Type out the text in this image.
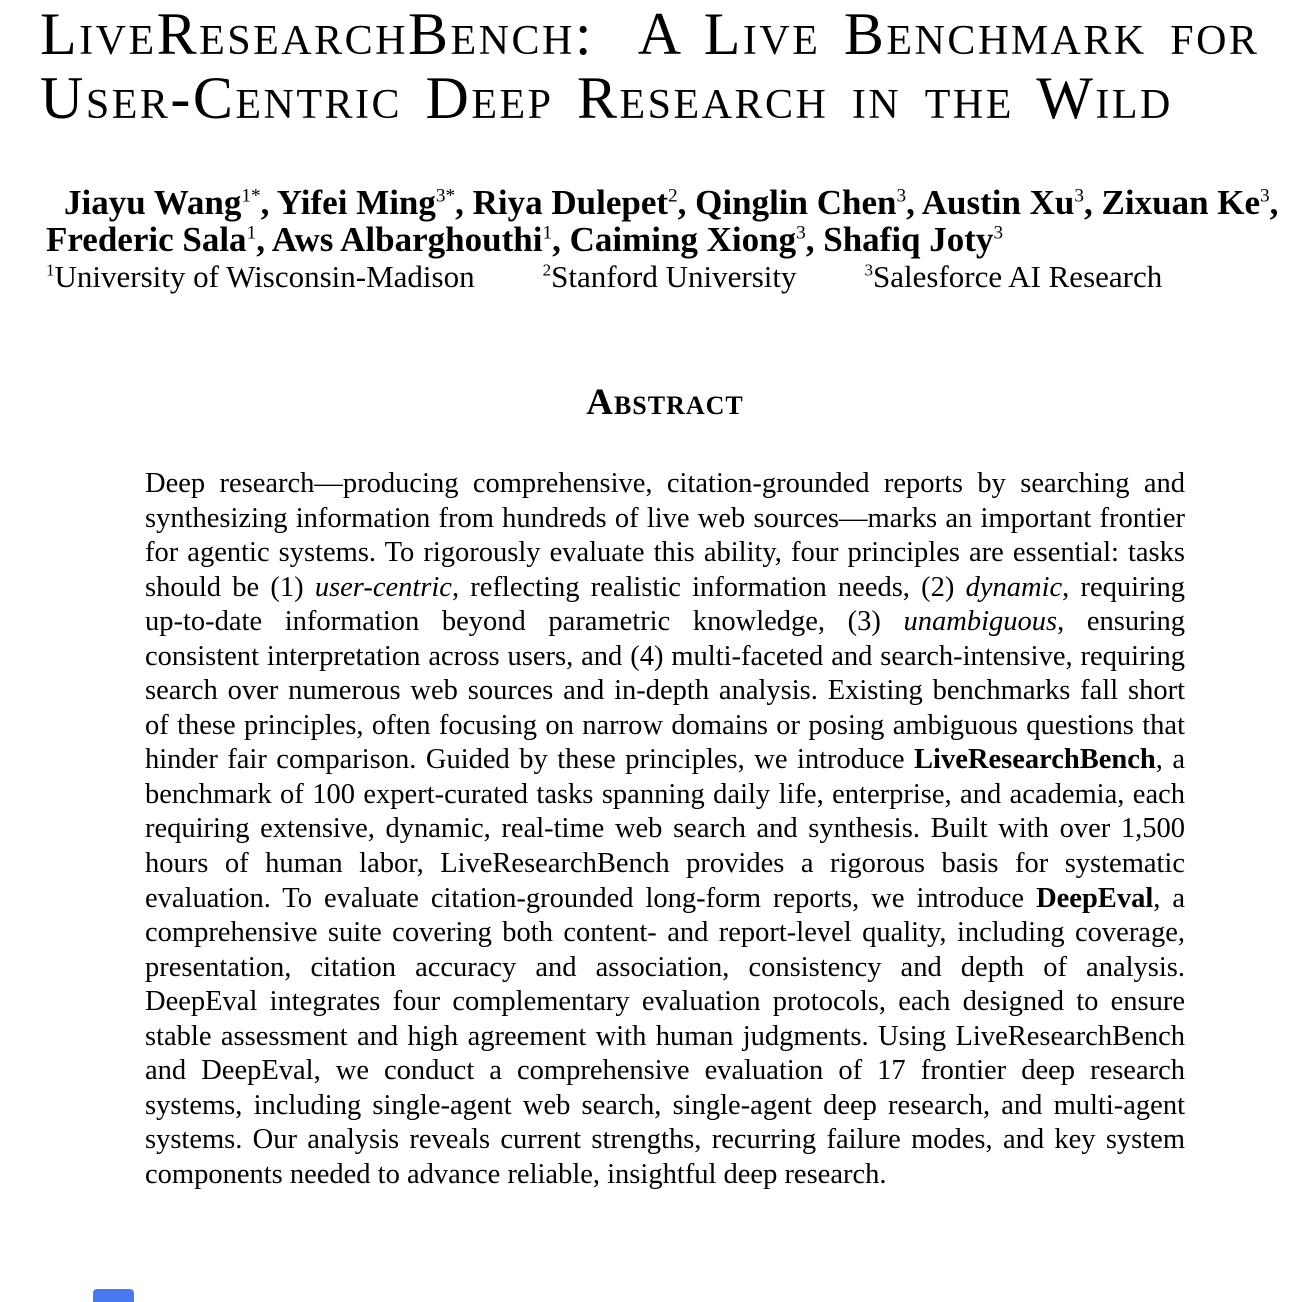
LiveResearchBench:  A Live Benchmark for
User-Centric Deep Research in the Wild
Jiayu Wang$^{1*}$, Yifei Ming$^{3*}$, Riya Dulepet$^2$, Qinglin Chen$^3$, Austin Xu$^3$, Zixuan Ke$^3$,
Frederic Sala$^1$, Aws Albarghouthi$^1$, Caiming Xiong$^3$, Shafiq Joty$^3$
$^1$University of Wisconsin-Madison	$^2$Stanford University	$^3$Salesforce AI Research
Abstract

Deep research—producing comprehensive, citation-grounded reports by searching and synthesizing information from hundreds of live web sources—marks an important frontier for agentic systems. To rigorously evaluate this ability, four principles are essential: tasks should be (1) user-centric, reflecting realistic information needs, (2) dynamic, requiring up-to-date information beyond parametric knowledge, (3) unambiguous, ensuring consistent interpretation across users, and (4) multi-faceted and search-intensive, requiring search over numerous web sources and in-depth analysis. Existing benchmarks fall short of these principles, often focusing on narrow domains or posing ambiguous questions that hinder fair comparison. Guided by these principles, we introduce LiveResearchBench, a benchmark of 100 expert-curated tasks spanning daily life, enterprise, and academia, each requiring extensive, dynamic, real-time web search and synthesis. Built with over 1,500 hours of human labor, LiveResearchBench provides a rigorous basis for systematic evaluation. To evaluate citation-grounded long-form reports, we introduce DeepEval, a comprehensive suite covering both content- and report-level quality, including coverage, presentation, citation accuracy and association, consistency and depth of analysis. DeepEval integrates four complementary evaluation protocols, each designed to ensure stable assessment and high agreement with human judgments. Using LiveResearchBench and DeepEval, we conduct a comprehensive evaluation of 17 frontier deep research systems, including single-agent web search, single-agent deep research, and multi-agent systems. Our analysis reveals current strengths, recurring failure modes, and key system components needed to advance reliable, insightful deep research.
